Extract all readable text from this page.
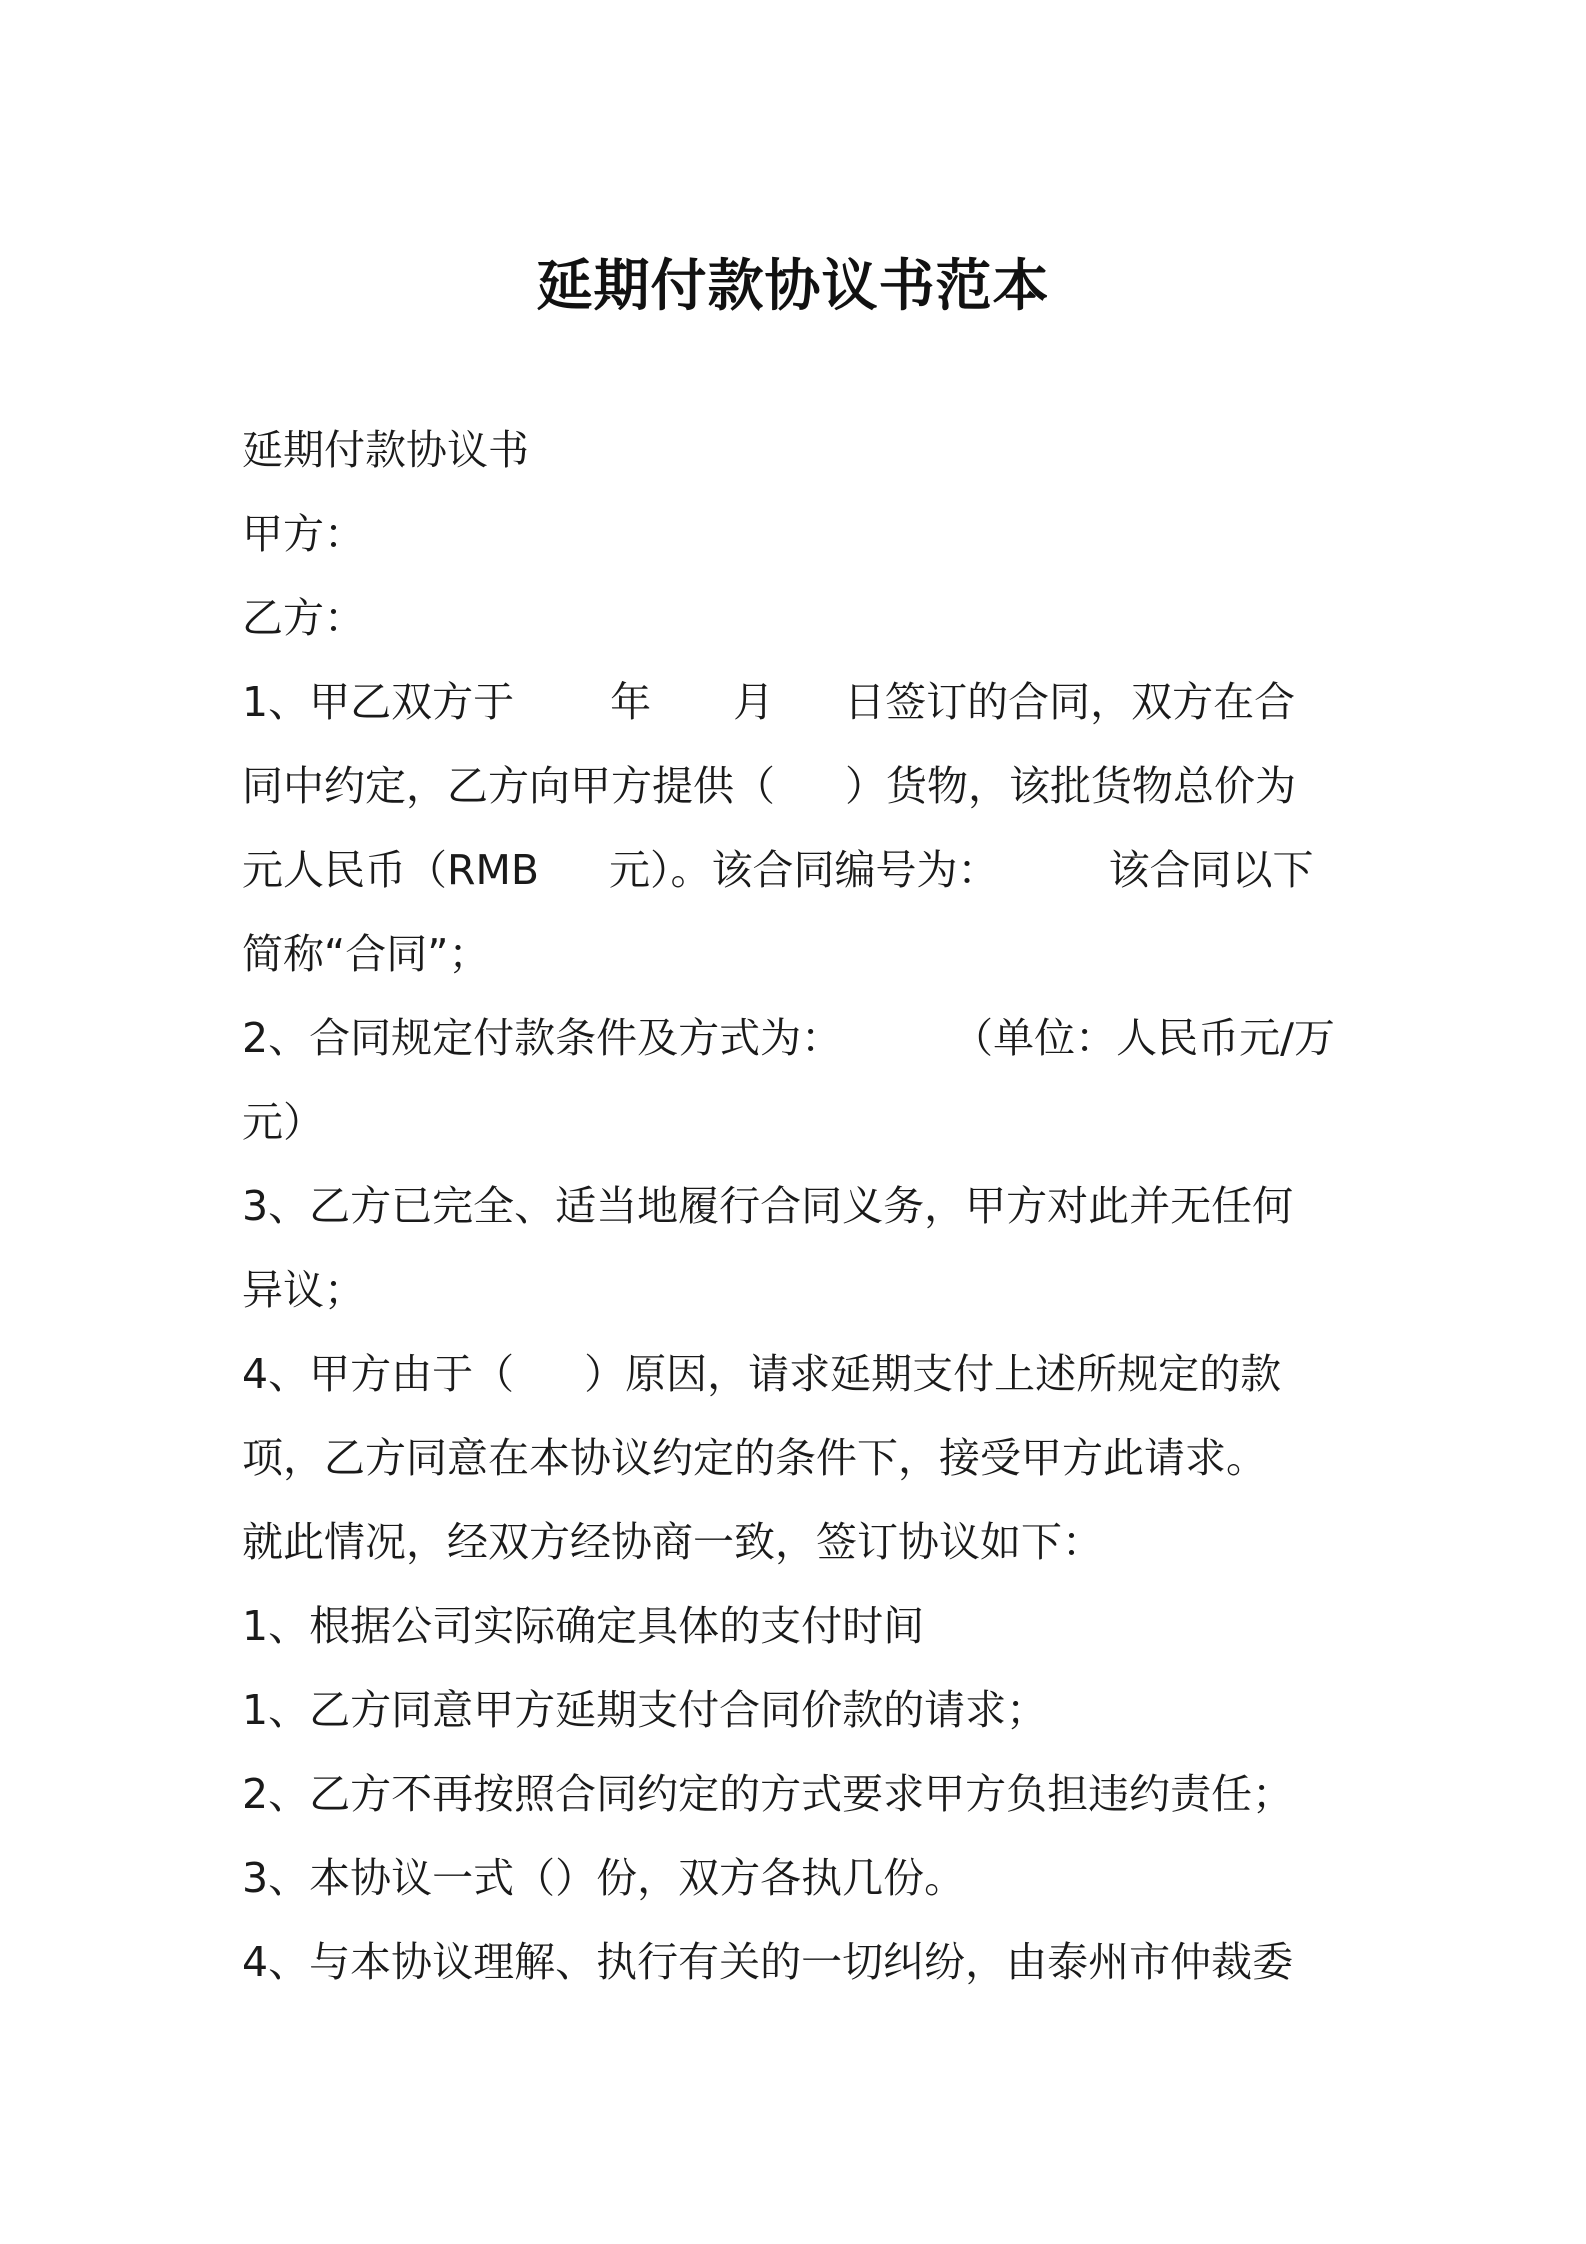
延期付款协议书范本
延期付款协议书
甲方：
乙方：
1、甲乙双方于 年 月 日签订的合同，双方在合
同中约定，乙方向甲方提供（ ）货物，该批货物总价为
元人民币（RMB 元）。该合同编号为：	该合同以下
简称“合同”；
2、合同规定付款条件及方式为：	（单位：人民币元/万
元）
3、乙方已完全、适当地履行合同义务，甲方对此并无任何
异议；
4、甲方由于（ ）原因，请求延期支付上述所规定的款
项，乙方同意在本协议约定的条件下，接受甲方此请求。
就此情况，经双方经协商一致，签订协议如下：
1、根据公司实际确定具体的支付时间
1、乙方同意甲方延期支付合同价款的请求；
2、乙方不再按照合同约定的方式要求甲方负担违约责任；
3、本协议一式（）份，双方各执几份。
4、与本协议理解、执行有关的一切纠纷，由泰州市仲裁委
